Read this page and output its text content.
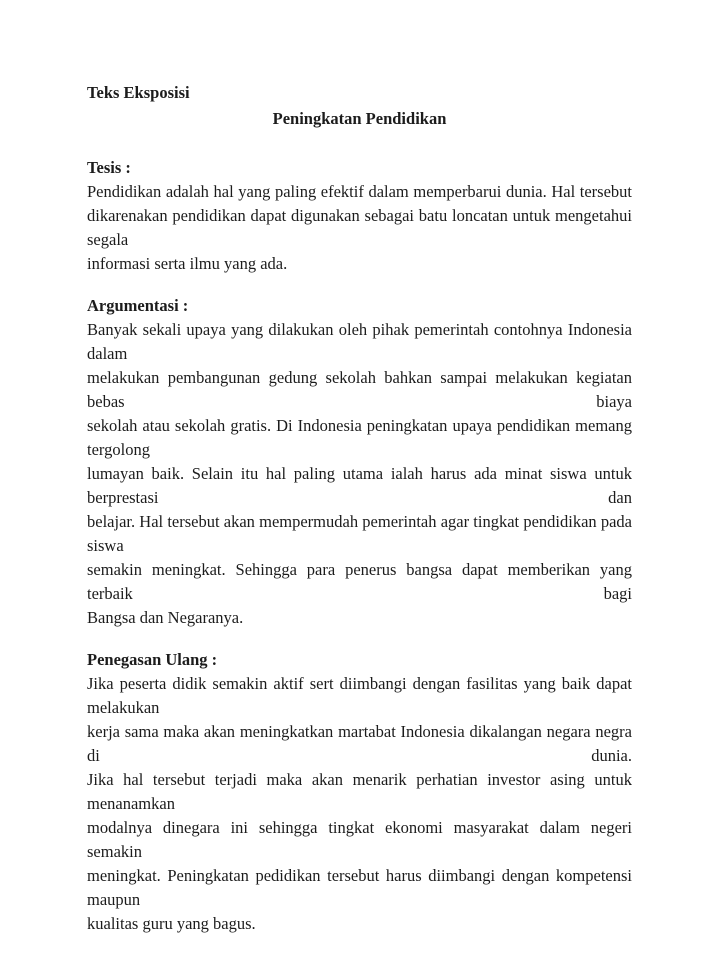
Teks Eksposisi
Peningkatan Pendidikan
Tesis :
Pendidikan adalah hal yang paling efektif dalam memperbarui dunia. Hal tersebut
dikarenakan pendidikan dapat digunakan sebagai batu loncatan untuk mengetahui segala
informasi serta ilmu yang ada.
Argumentasi :
Banyak sekali upaya yang dilakukan oleh pihak pemerintah contohnya Indonesia dalam
melakukan pembangunan gedung sekolah bahkan sampai melakukan kegiatan bebas biaya
sekolah atau sekolah gratis. Di Indonesia peningkatan upaya pendidikan memang tergolong
lumayan baik. Selain itu hal paling utama ialah harus ada minat siswa untuk berprestasi dan
belajar. Hal tersebut akan mempermudah pemerintah agar tingkat pendidikan pada siswa
semakin meningkat. Sehingga para penerus bangsa dapat memberikan yang terbaik bagi
Bangsa dan Negaranya.
Penegasan Ulang :
Jika peserta didik semakin aktif sert diimbangi dengan fasilitas yang baik dapat melakukan
kerja sama maka akan meningkatkan martabat Indonesia dikalangan negara negra di dunia.
Jika hal tersebut terjadi maka akan menarik perhatian investor asing untuk menanamkan
modalnya dinegara ini sehingga tingkat ekonomi masyarakat dalam negeri semakin
meningkat. Peningkatan pedidikan tersebut harus diimbangi dengan kompetensi maupun
kualitas guru yang bagus.
